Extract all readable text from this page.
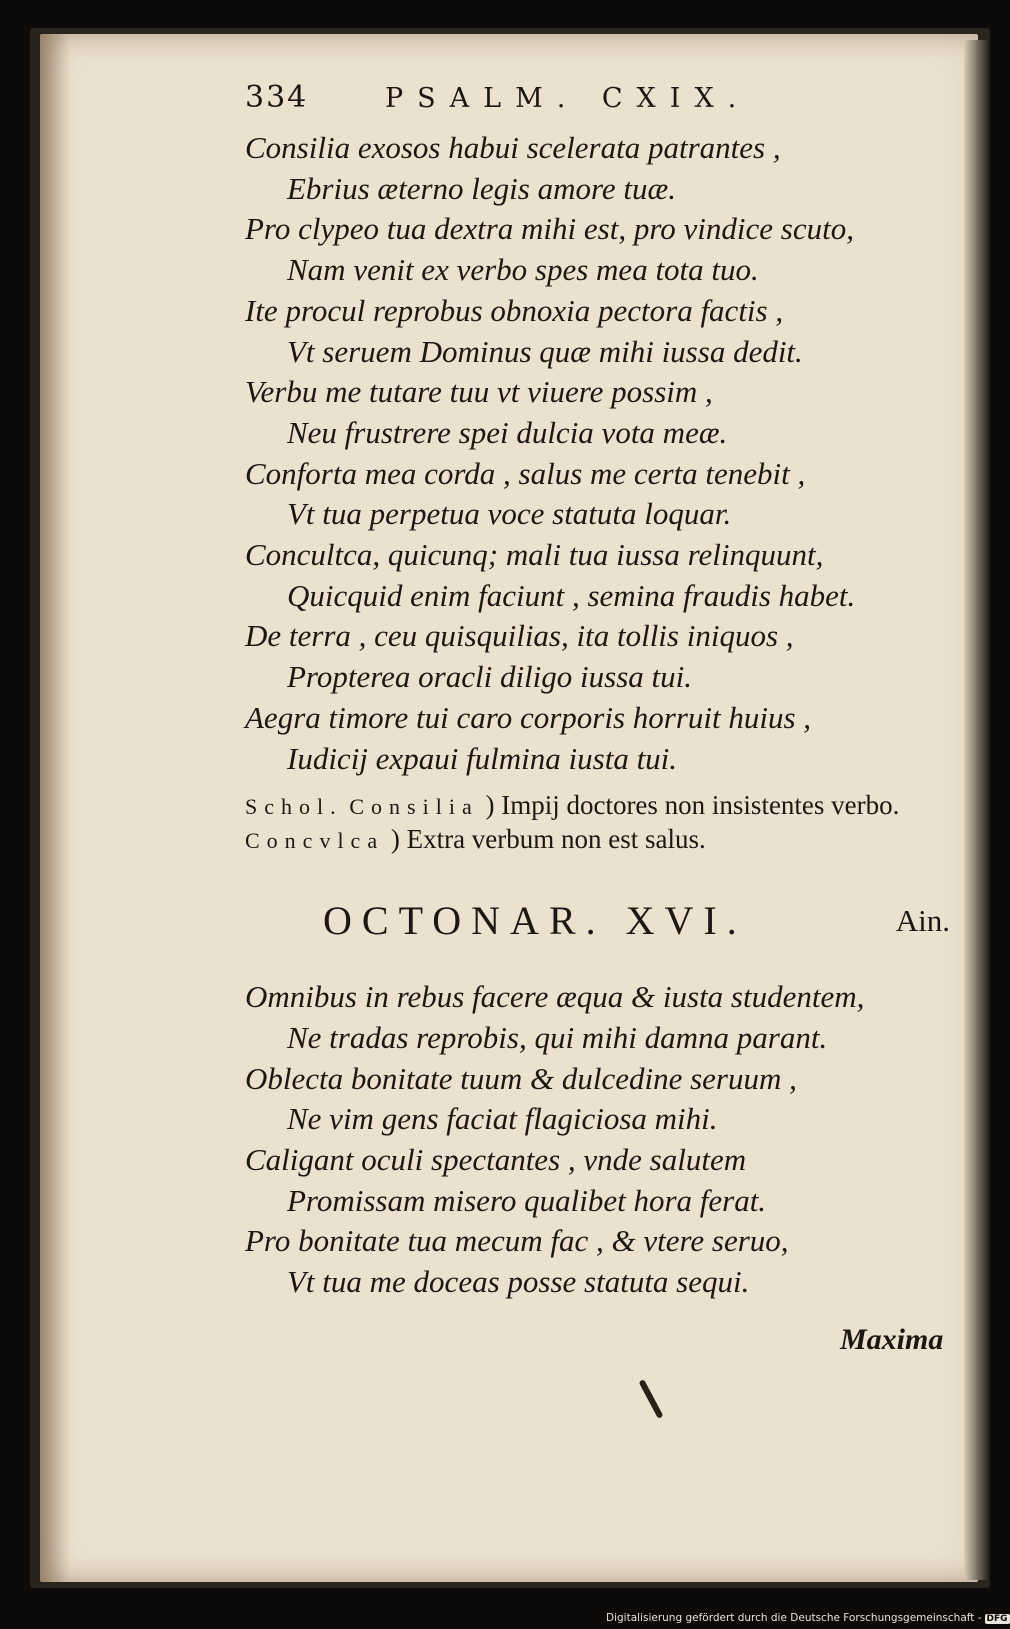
334	PSALM. CXIX.
Consilia exosos habui scelerata patrantes ,
Ebrius æterno legis amore tuæ.
Pro clypeo tua dextra mihi est, pro vindice scuto,
Nam venit ex verbo spes mea tota tuo.
Ite procul reprobus obnoxia pectora factis ,
Vt seruem Dominus quæ mihi iussa dedit.
Verbu me tutare tuu vt viuere possim ,
Neu frustrere spei dulcia vota meæ.
Conforta mea corda , salus me certa tenebit ,
Vt tua perpetua voce statuta loquar.
Concultca, quicunq; mali tua iussa relinquunt,
Quicquid enim faciunt , semina fraudis habet.
De terra , ceu quisquilias, ita tollis iniquos ,
Propterea oracli diligo iussa tui.
Aegra timore tui caro corporis horruit huius ,
Iudicij expaui fulmina iusta tui.
Schol. Consilia ) Impij doctores non insistentes verbo. Concvlca ) Extra verbum non est salus.
OCTONAR. XVI.	Ain.
Omnibus in rebus facere æqua & iusta studentem,
Ne tradas reprobis, qui mihi damna parant.
Oblecta bonitate tuum & dulcedine seruum ,
Ne vim gens faciat flagiciosa mihi.
Caligant oculi spectantes , vnde salutem
Promissam misero qualibet hora ferat.
Pro bonitate tua mecum fac , & vtere seruo,
Vt tua me doceas posse statuta sequi.
Maxima
Digitalisierung gefördert durch die Deutsche Forschungsgemeinschaft - DFG
